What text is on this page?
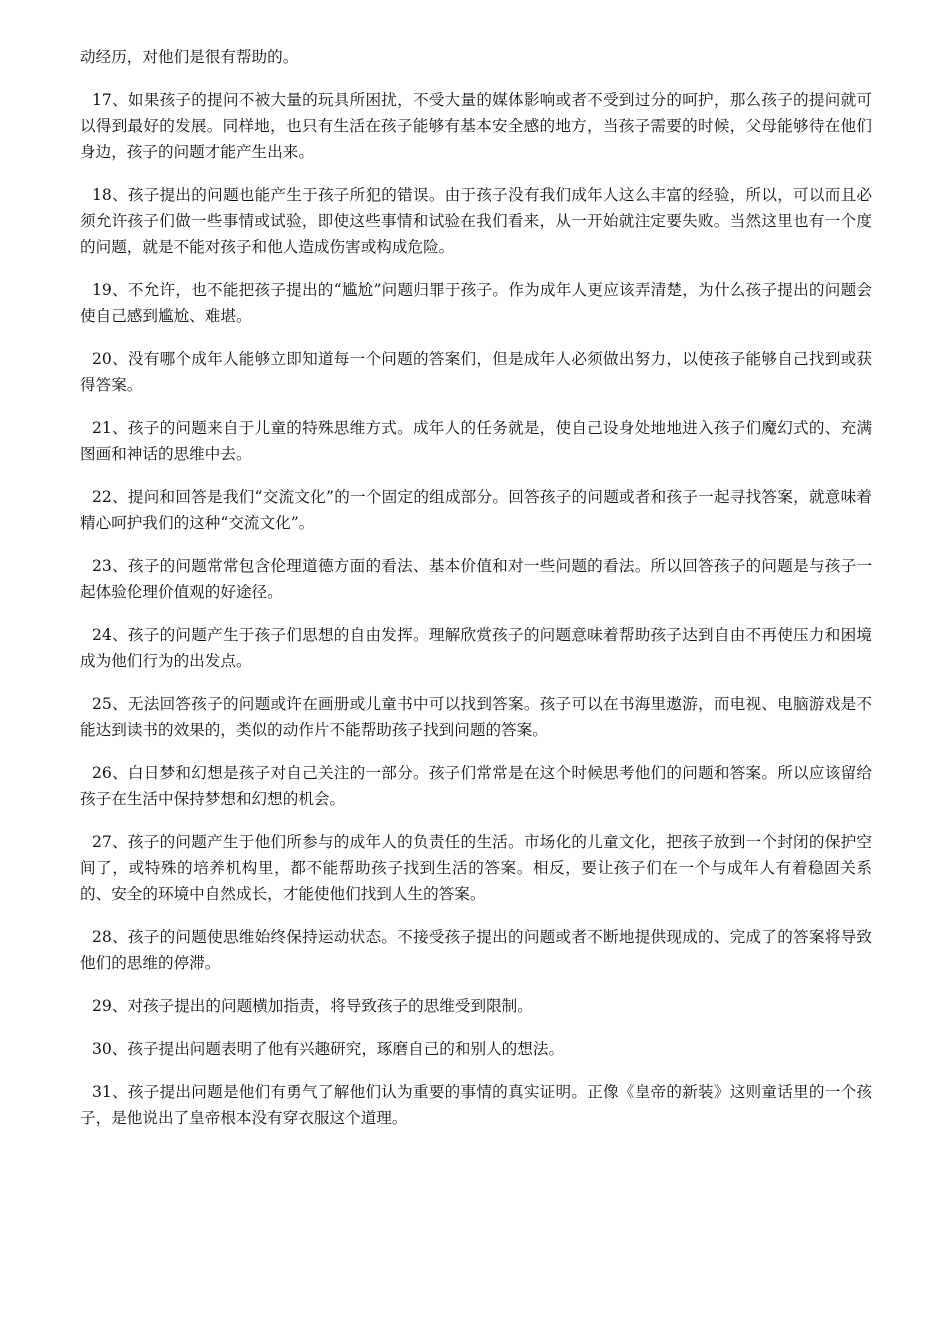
动经历，对他们是很有帮助的。

17、如果孩子的提问不被大量的玩具所困扰，不受大量的媒体影响或者不受到过分的呵护，那么孩子的提问就可以得到最好的发展。同样地，也只有生活在孩子能够有基本安全感的地方，当孩子需要的时候，父母能够待在他们身边，孩子的问题才能产生出来。

18、孩子提出的问题也能产生于孩子所犯的错误。由于孩子没有我们成年人这么丰富的经验，所以，可以而且必须允许孩子们做一些事情或试验，即使这些事情和试验在我们看来，从一开始就注定要失败。当然这里也有一个度的问题，就是不能对孩子和他人造成伤害或构成危险。

19、不允许，也不能把孩子提出的“尴尬”问题归罪于孩子。作为成年人更应该弄清楚，为什么孩子提出的问题会使自己感到尴尬、难堪。

20、没有哪个成年人能够立即知道每一个问题的答案们，但是成年人必须做出努力，以使孩子能够自己找到或获得答案。

21、孩子的问题来自于儿童的特殊思维方式。成年人的任务就是，使自己设身处地地进入孩子们魔幻式的、充满图画和神话的思维中去。

22、提问和回答是我们“交流文化”的一个固定的组成部分。回答孩子的问题或者和孩子一起寻找答案，就意味着精心呵护我们的这种“交流文化”。

23、孩子的问题常常包含伦理道德方面的看法、基本价值和对一些问题的看法。所以回答孩子的问题是与孩子一起体验伦理价值观的好途径。

24、孩子的问题产生于孩子们思想的自由发挥。理解欣赏孩子的问题意味着帮助孩子达到自由不再使压力和困境成为他们行为的出发点。

25、无法回答孩子的问题或许在画册或儿童书中可以找到答案。孩子可以在书海里遨游，而电视、电脑游戏是不能达到读书的效果的，类似的动作片不能帮助孩子找到问题的答案。

26、白日梦和幻想是孩子对自己关注的一部分。孩子们常常是在这个时候思考他们的问题和答案。所以应该留给孩子在生活中保持梦想和幻想的机会。

27、孩子的问题产生于他们所参与的成年人的负责任的生活。市场化的儿童文化，把孩子放到一个封闭的保护空间了，或特殊的培养机构里，都不能帮助孩子找到生活的答案。相反，要让孩子们在一个与成年人有着稳固关系的、安全的环境中自然成长，才能使他们找到人生的答案。

28、孩子的问题使思维始终保持运动状态。不接受孩子提出的问题或者不断地提供现成的、完成了的答案将导致他们的思维的停滞。

29、对孩子提出的问题横加指责，将导致孩子的思维受到限制。

30、孩子提出问题表明了他有兴趣研究，琢磨自己的和别人的想法。

31、孩子提出问题是他们有勇气了解他们认为重要的事情的真实证明。正像《皇帝的新装》这则童话里的一个孩子，是他说出了皇帝根本没有穿衣服这个道理。
